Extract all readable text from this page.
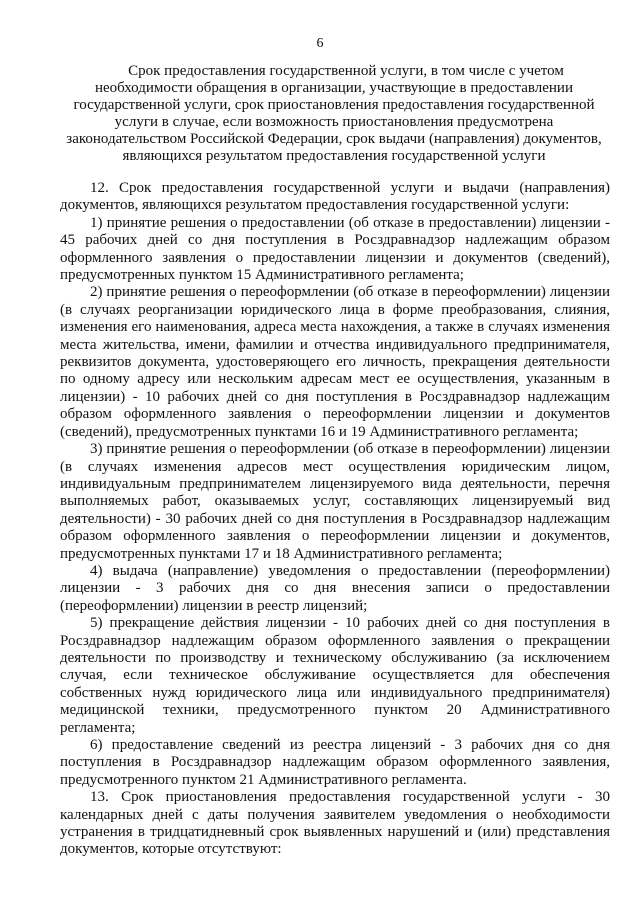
6
Срок предоставления государственной услуги, в том числе с учетом
необходимости обращения в организации, участвующие в предоставлении
государственной услуги, срок приостановления предоставления государственной
услуги в случае, если возможность приостановления предусмотрена
законодательством Российской Федерации, срок выдачи (направления) документов,
являющихся результатом предоставления государственной услуги

12. Срок предоставления государственной услуги и выдачи (направления) документов, являющихся результатом предоставления государственной услуги:

1) принятие решения о предоставлении (об отказе в предоставлении) лицензии - 45 рабочих дней со дня поступления в Росздравнадзор надлежащим образом оформленного заявления о предоставлении лицензии и документов (сведений), предусмотренных пунктом 15 Административного регламента;

2) принятие решения о переоформлении (об отказе в переоформлении) лицензии (в случаях реорганизации юридического лица в форме преобразования, слияния, изменения его наименования, адреса места нахождения, а также в случаях изменения места жительства, имени, фамилии и отчества индивидуального предпринимателя, реквизитов документа, удостоверяющего его личность, прекращения деятельности по одному адресу или нескольким адресам мест ее осуществления, указанным в лицензии) - 10 рабочих дней со дня поступления в Росздравнадзор надлежащим образом оформленного заявления о переоформлении лицензии и документов (сведений), предусмотренных пунктами 16 и 19 Административного регламента;

3) принятие решения о переоформлении (об отказе в переоформлении) лицензии (в случаях изменения адресов мест осуществления юридическим лицом, индивидуальным предпринимателем лицензируемого вида деятельности, перечня выполняемых работ, оказываемых услуг, составляющих лицензируемый вид деятельности) - 30 рабочих дней со дня поступления в Росздравнадзор надлежащим образом оформленного заявления о переоформлении лицензии и документов, предусмотренных пунктами 17 и 18 Административного регламента;

4) выдача (направление) уведомления о предоставлении (переоформлении) лицензии - 3 рабочих дня со дня внесения записи о предоставлении (переоформлении) лицензии в реестр лицензий;

5) прекращение действия лицензии - 10 рабочих дней со дня поступления в Росздравнадзор надлежащим образом оформленного заявления о прекращении деятельности по производству и техническому обслуживанию (за исключением случая, если техническое обслуживание осуществляется для обеспечения собственных нужд юридического лица или индивидуального предпринимателя) медицинской техники, предусмотренного пунктом 20 Административного регламента;

6) предоставление сведений из реестра лицензий - 3 рабочих дня со дня поступления в Росздравнадзор надлежащим образом оформленного заявления, предусмотренного пунктом 21 Административного регламента.

13. Срок приостановления предоставления государственной услуги - 30 календарных дней с даты получения заявителем уведомления о необходимости устранения в тридцатидневный срок выявленных нарушений и (или) представления документов, которые отсутствуют:
